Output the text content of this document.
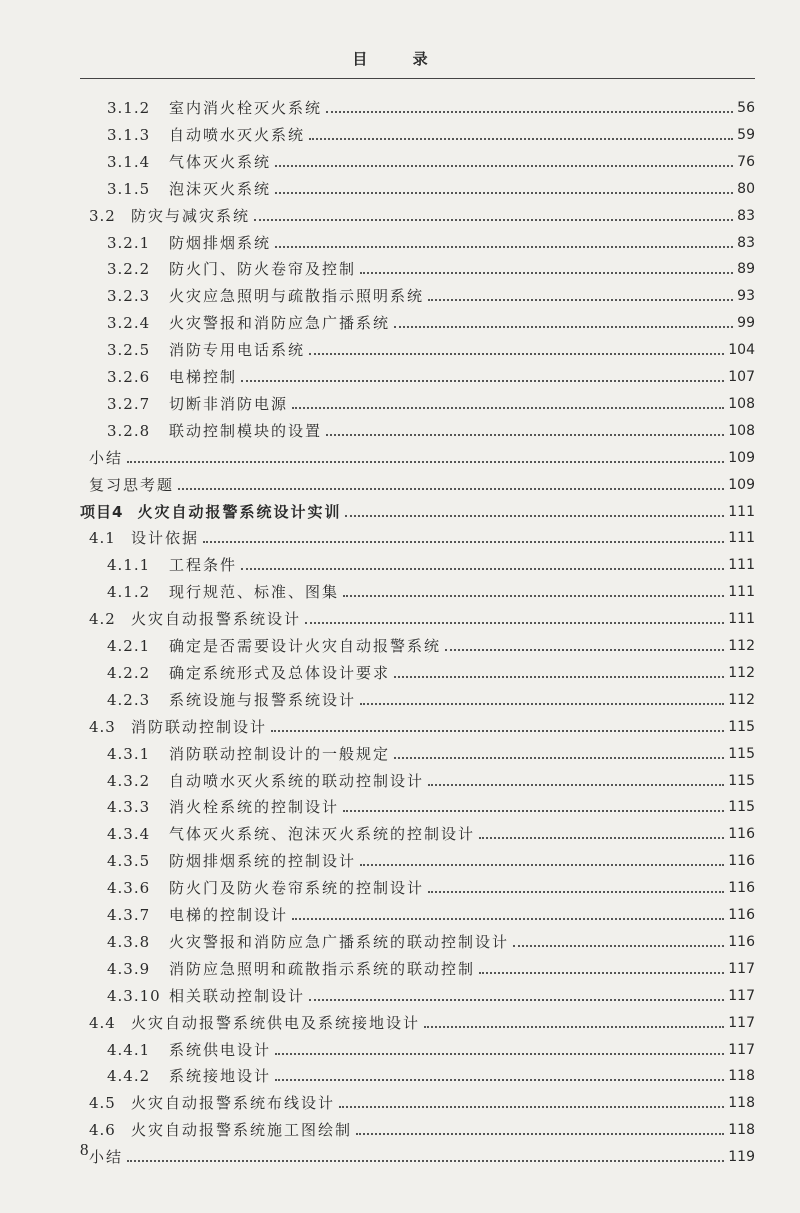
目 录
3.1.2	室内消火栓灭火系统	56
3.1.3	自动喷水灭火系统	59
3.1.4	气体灭火系统	76
3.1.5	泡沫灭火系统	80
3.2 防灾与减灾系统	83
3.2.1	防烟排烟系统	83
3.2.2	防火门、防火卷帘及控制	89
3.2.3	火灾应急照明与疏散指示照明系统	93
3.2.4	火灾警报和消防应急广播系统	99
3.2.5	消防专用电话系统	104
3.2.6	电梯控制	107
3.2.7	切断非消防电源	108
3.2.8	联动控制模块的设置	108
小结	109
复习思考题	109
项目4 火灾自动报警系统设计实训	111
4.1 设计依据	111
4.1.1	工程条件	111
4.1.2	现行规范、标准、图集	111
4.2 火灾自动报警系统设计	111
4.2.1	确定是否需要设计火灾自动报警系统	112
4.2.2	确定系统形式及总体设计要求	112
4.2.3	系统设施与报警系统设计	112
4.3 消防联动控制设计	115
4.3.1	消防联动控制设计的一般规定	115
4.3.2	自动喷水灭火系统的联动控制设计	115
4.3.3	消火栓系统的控制设计	115
4.3.4	气体灭火系统、泡沫灭火系统的控制设计	116
4.3.5	防烟排烟系统的控制设计	116
4.3.6	防火门及防火卷帘系统的控制设计	116
4.3.7	电梯的控制设计	116
4.3.8	火灾警报和消防应急广播系统的联动控制设计	116
4.3.9	消防应急照明和疏散指示系统的联动控制	117
4.3.10 相关联动控制设计	117
4.4 火灾自动报警系统供电及系统接地设计	117
4.4.1	系统供电设计	117
4.4.2	系统接地设计	118
4.5 火灾自动报警系统布线设计	118
4.6 火灾自动报警系统施工图绘制	118
小结	119
8
